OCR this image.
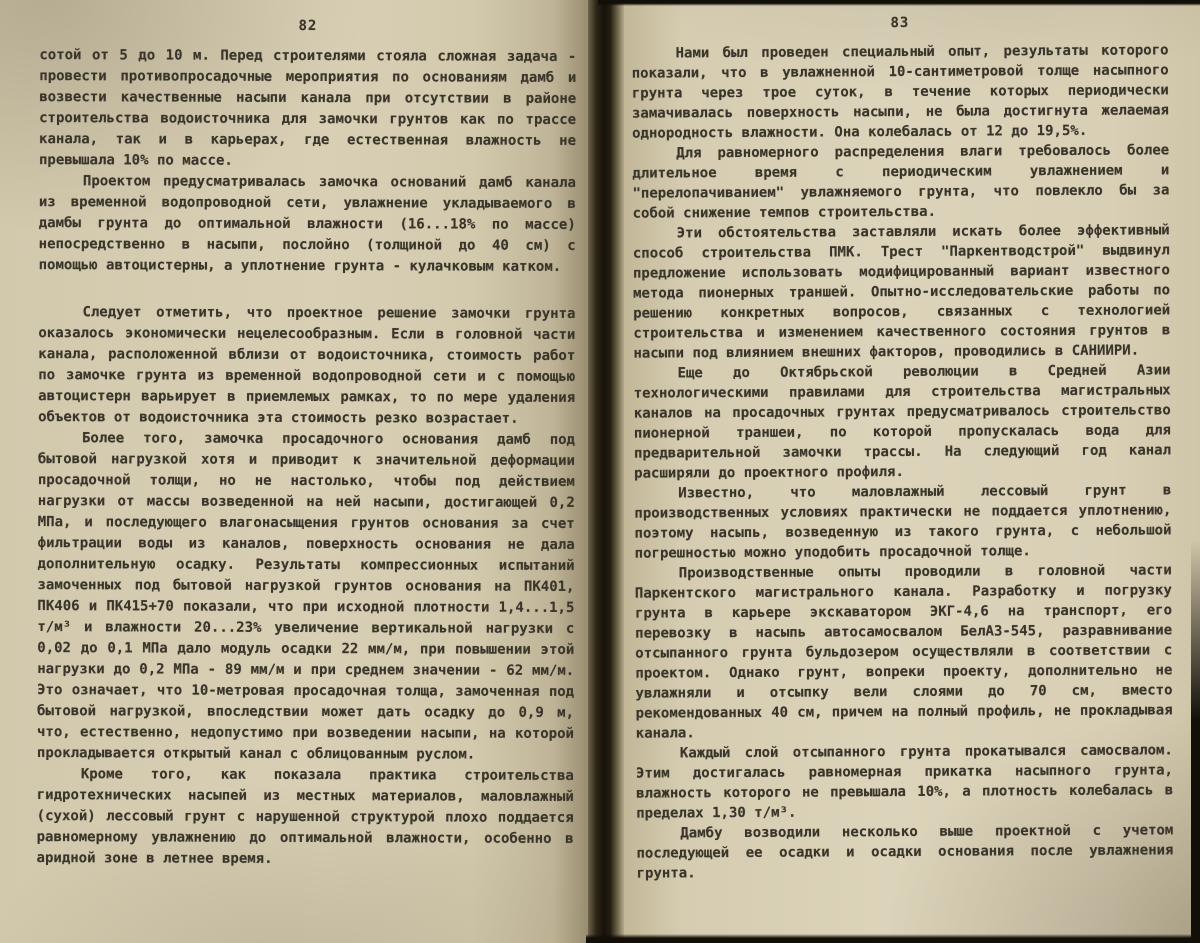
82

сотой от 5 до 10 м. Перед строителями стояла сложная задача - провести противопросадочные мероприятия по основаниям дамб и возвести качественные насыпи канала при отсутствии в районе строительства водоисточника для замочки грунтов как по трассе канала, так и в карьерах, где естественная влажность не превышала 10% по массе.

Проектом предусматривалась замочка оснований дамб канала из временной водопроводной сети, увлажнение укладываемого в дамбы грунта до оптимальной влажности (16...18% по массе) непосредственно в насыпи, послойно (толщиной до 40 см) с помощью автоцистерны, а уплотнение грунта - кулачковым катком.

Следует отметить, что проектное решение замочки грунта оказалось экономически нецелесообразным. Если в головной части канала, расположенной вблизи от водоисточника, стоимость работ по замочке грунта из временной водопроводной сети и с помощью автоцистерн варьирует в приемлемых рамках, то по мере удаления объектов от водоисточника эта стоимость резко возрастает.

Более того, замочка просадочного основания дамб под бытовой нагрузкой хотя и приводит к значительной деформации просадочной толщи, но не настолько, чтобы под действием нагрузки от массы возведенной на ней насыпи, достигающей 0,2 МПа, и последующего влагонасыщения грунтов основания за счет фильтрации воды из каналов, поверхность основания не дала дополнительную осадку. Результаты компрессионных испытаний замоченных под бытовой нагрузкой грунтов основания на ПК401, ПК406 и ПК415+70 показали, что при исходной плотности 1,4...1,5 т/м³ и влажности 20...23% увеличение вертикальной нагрузки с 0,02 до 0,1 МПа дало модуль осадки 22 мм/м, при повышении этой нагрузки до 0,2 МПа - 89 мм/м и при среднем значении - 62 мм/м. Это означает, что 10-метровая просадочная толща, замоченная под бытовой нагрузкой, впоследствии может дать осадку до 0,9 м, что, естественно, недопустимо при возведении насыпи, на которой прокладывается открытый канал с облицованным руслом.

Кроме того, как показала практика строительства гидротехнических насыпей из местных материалов, маловлажный (сухой) лессовый грунт с нарушенной структурой плохо поддается равномерному увлажнению до оптимальной влажности, особенно в аридной зоне в летнее время.

83

Нами был проведен специальный опыт, результаты которого показали, что в увлажненной 10-сантиметровой толще насыпного грунта через трое суток, в течение которых периодически замачивалась поверхность насыпи, не была достигнута желаемая однородность влажности. Она колебалась от 12 до 19,5%.

Для равномерного распределения влаги требовалось более длительное время с периодическим увлажнением и "перелопачиванием" увлажняемого грунта, что повлекло бы за собой снижение темпов строительства.

Эти обстоятельства заставляли искать более эффективный способ строительства ПМК. Трест "Паркентводстрой" выдвинул предложение использовать модифицированный вариант известного метода пионерных траншей. Опытно-исследовательские работы по решению конкретных вопросов, связанных с технологией строительства и изменением качественного состояния грунтов в насыпи под влиянием внешних факторов, проводились в САНИИРИ.

Еще до Октябрьской революции в Средней Азии технологическими правилами для строительства магистральных каналов на просадочных грунтах предусматривалось строительство пионерной траншеи, по которой пропускалась вода для предварительной замочки трассы. На следующий год канал расширяли до проектного профиля.

Известно, что маловлажный лессовый грунт в производственных условиях практически не поддается уплотнению, поэтому насыпь, возведенную из такого грунта, с небольшой погрешностью можно уподобить просадочной толще.

Производственные опыты проводили в головной части Паркентского магистрального канала. Разработку и погрузку грунта в карьере экскаватором ЭКГ-4,6 на транспорт, его перевозку в насыпь автосамосвалом БелАЗ-545, разравнивание отсыпанного грунта бульдозером осуществляли в соответствии с проектом. Однако грунт, вопреки проекту, дополнительно не увлажняли и отсыпку вели слоями до 70 см, вместо рекомендованных 40 см, причем на полный профиль, не прокладывая канала.

Каждый слой отсыпанного грунта прокатывался самосвалом. Этим достигалась равномерная прикатка насыпного грунта, влажность которого не превышала 10%, а плотность колебалась в пределах 1,30 т/м³.

Дамбу возводили несколько выше проектной с учетом последующей ее осадки и осадки основания после увлажнения грунта.
